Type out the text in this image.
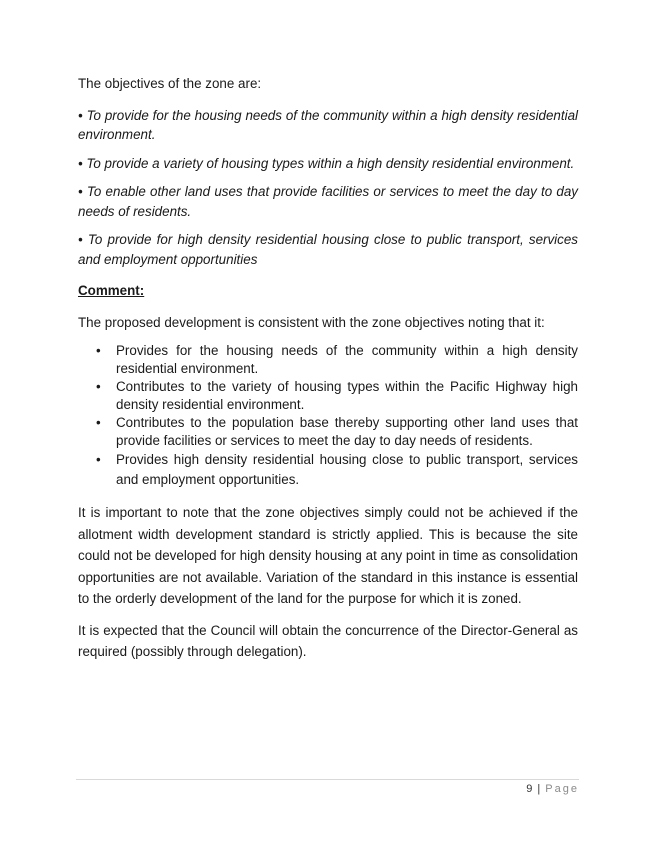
The objectives of the zone are:

• To provide for the housing needs of the community within a high density residential environment.

• To provide a variety of housing types within a high density residential environment.

• To enable other land uses that provide facilities or services to meet the day to day needs of residents.

• To provide for high density residential housing close to public transport, services and employment opportunities

Comment:

The proposed development is consistent with the zone objectives noting that it:

• Provides for the housing needs of the community within a high density residential environment.
• Contributes to the variety of housing types within the Pacific Highway high density residential environment.
• Contributes to the population base thereby supporting other land uses that provide facilities or services to meet the day to day needs of residents.
• Provides high density residential housing close to public transport, services and employment opportunities.

It is important to note that the zone objectives simply could not be achieved if the allotment width development standard is strictly applied. This is because the site could not be developed for high density housing at any point in time as consolidation opportunities are not available. Variation of the standard in this instance is essential to the orderly development of the land for the purpose for which it is zoned.

It is expected that the Council will obtain the concurrence of the Director-General as required (possibly through delegation).

9 | Page
